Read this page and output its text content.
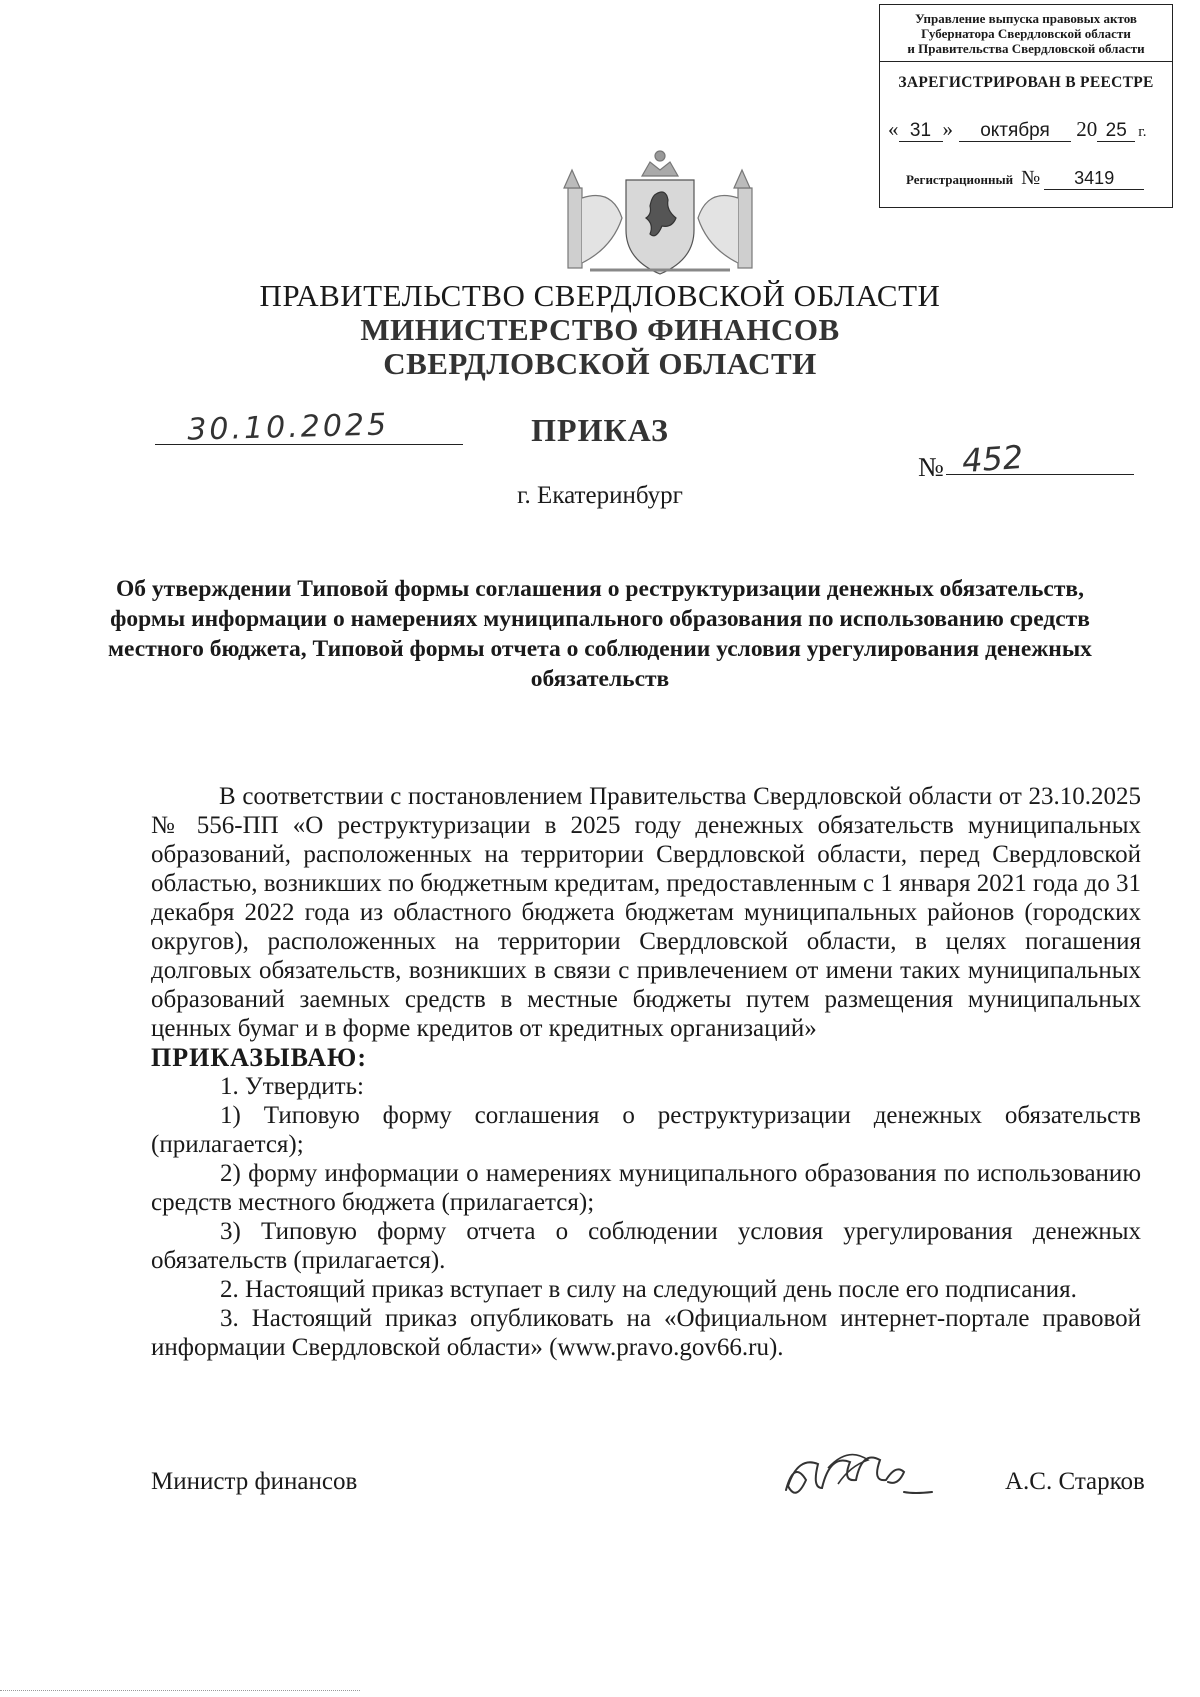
Управление выпуска правовых актов
Губернатора Свердловской области
и Правительства Свердловской области
ЗАРЕГИСТРИРОВАН В РЕЕСТРЕ
« 31 » октября 20 25 г.
Регистрационный № 3419
ПРАВИТЕЛЬСТВО СВЕРДЛОВСКОЙ ОБЛАСТИ
МИНИСТЕРСТВО ФИНАНСОВ
СВЕРДЛОВСКОЙ ОБЛАСТИ
ПРИКАЗ
30.10.2025
№ 452
г. Екатеринбург
Об утверждении Типовой формы соглашения о реструктуризации денежных обязательств, формы информации о намерениях муниципального образования по использованию средств местного бюджета, Типовой формы отчета о соблюдении условия урегулирования денежных обязательств

В соответствии с постановлением Правительства Свердловской области от 23.10.2025 № 556-ПП «О реструктуризации в 2025 году денежных обязательств муниципальных образований, расположенных на территории Свердловской области, перед Свердловской областью, возникших по бюджетным кредитам, предоставленным с 1 января 2021 года до 31 декабря 2022 года из областного бюджета бюджетам муниципальных районов (городских округов), расположенных на территории Свердловской области, в целях погашения долговых обязательств, возникших в связи с привлечением от имени таких муниципальных образований заемных средств в местные бюджеты путем размещения муниципальных ценных бумаг и в форме кредитов от кредитных организаций»

ПРИКАЗЫВАЮ:

1. Утвердить:

1) Типовую форму соглашения о реструктуризации денежных обязательств (прилагается);

2) форму информации о намерениях муниципального образования по использованию средств местного бюджета (прилагается);

3) Типовую форму отчета о соблюдении условия урегулирования денежных обязательств (прилагается).

2. Настоящий приказ вступает в силу на следующий день после его подписания.

3. Настоящий приказ опубликовать на «Официальном интернет-портале правовой информации Свердловской области» (www.pravo.gov66.ru).

Министр финансов	А.С. Старков
